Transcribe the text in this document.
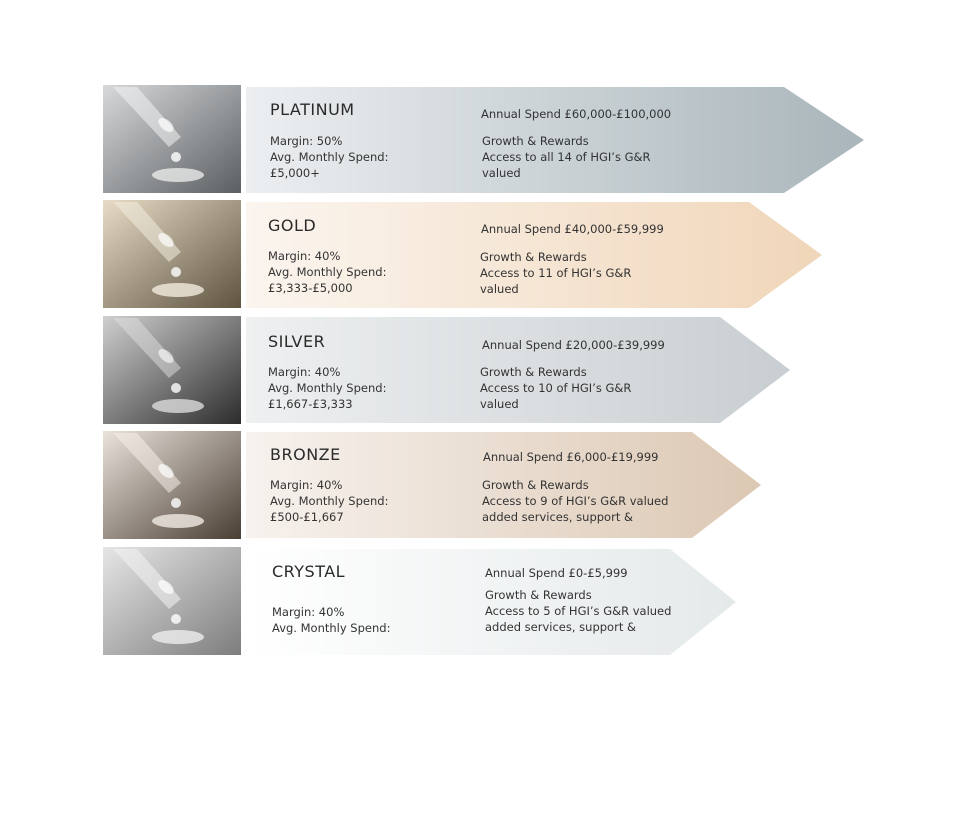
PLATINUM
Margin: 50%
Avg. Monthly Spend:
£5,000+
Annual Spend £60,000-£100,000
Growth & Rewards
Access to all 14 of HGI’s G&R
valued
GOLD
Margin: 40%
Avg. Monthly Spend:
£3,333-£5,000
Annual Spend £40,000-£59,999
Growth & Rewards
Access to 11 of HGI’s G&R
valued
SILVER
Margin: 40%
Avg. Monthly Spend:
£1,667-£3,333
Annual Spend £20,000-£39,999
Growth & Rewards
Access to 10 of HGI’s G&R
valued
BRONZE
Margin: 40%
Avg. Monthly Spend:
£500-£1,667
Annual Spend £6,000-£19,999
Growth & Rewards
Access to 9 of HGI’s G&R valued
added services, support &
CRYSTAL
Margin: 40%
Avg. Monthly Spend:
Annual Spend £0-£5,999
Growth & Rewards
Access to 5 of HGI’s G&R valued
added services, support &
